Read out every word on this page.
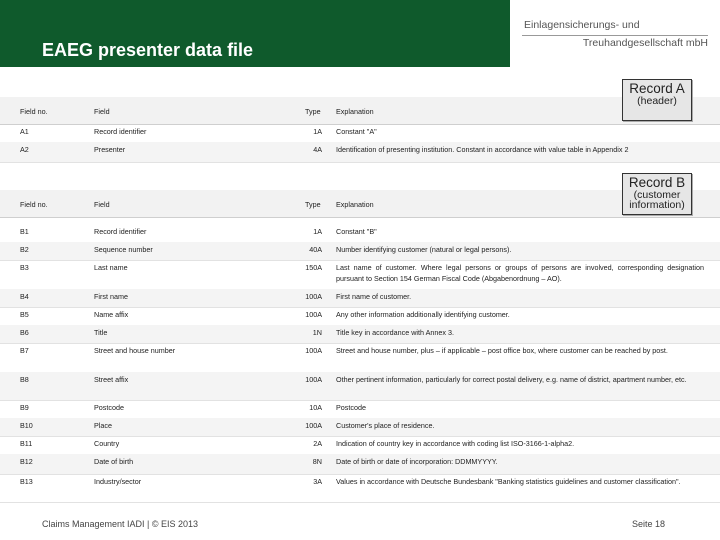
EAEG presenter data file
Einlagensicherungs- und
Treuhandgesellschaft mbH
Record A
(header)
Field no.	Field	Type	Explanation
A1	Record identifier	1A Constant "A"
A2	Presenter	4A Identification of presenting institution. Constant in accordance with value table in Appendix 2
Record B
(customer information)
Field no.	Field	Type	Explanation
B1	Record identifier	1A Constant "B"
B2	Sequence number	40A Number identifying customer (natural or legal persons).
B3	Last name	150A Last name of customer. Where legal persons or groups of persons are involved, corresponding designation pursuant to Section 154 German Fiscal Code (Abgabenordnung – AO).
B4	First name	100A First name of customer.
B5	Name affix	100A Any other information additionally identifying customer.
B6	Title	1N Title key in accordance with Annex 3.
B7	Street and house number	100A Street and house number, plus – if applicable – post office box, where customer can be reached by post.
B8	Street affix	100A Other pertinent information, particularly for correct postal delivery, e.g. name of district, apartment number, etc.
B9	Postcode	10A Postcode
B10	Place	100A Customer's place of residence.
B11	Country	2A Indication of country key in accordance with coding list ISO-3166-1-alpha2.
B12	Date of birth	8N Date of birth or date of incorporation: DDMMYYYY.
B13	Industry/sector	3A Values in accordance with Deutsche Bundesbank "Banking statistics guidelines and customer classification".
Claims Management IADI | © EIS 2013	Seite 18
